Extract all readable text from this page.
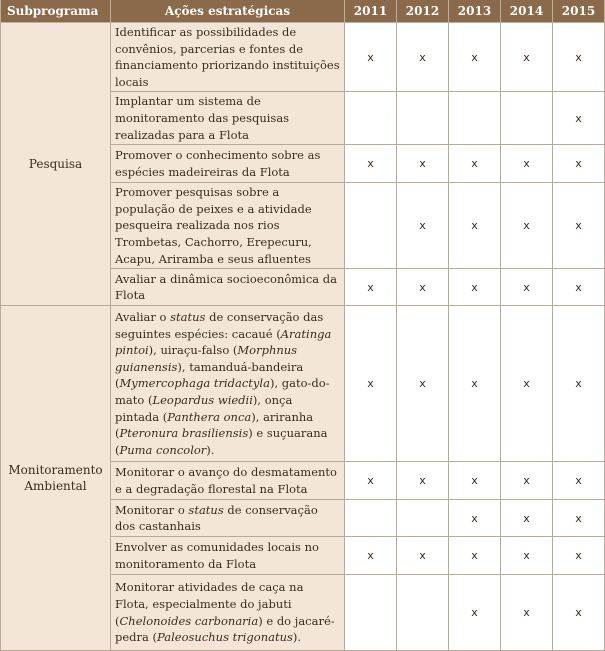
Subprograma	Ações estratégicas	2011	2012	2013	2014	2015
Pesquisa	Identificar as possibilidades de convênios, parcerias e fontes de financiamento priorizando instituições locais	x	x	x	x	x
	Implantar um sistema de monitoramento das pesquisas realizadas para a Flota					x
	Promover o conhecimento sobre as espécies madeireiras da Flota	x	x	x	x	x
	Promover pesquisas sobre a população de peixes e a atividade pesqueira realizada nos rios Trombetas, Cachorro, Erepecuru, Acapu, Ariramba e seus afluentes		x	x	x	x
	Avaliar a dinâmica socioeconômica da Flota	x	x	x	x	x
Monitoramento Ambiental	Avaliar o status de conservação das seguintes espécies: cacaué (Aratinga pintoi), uiraçu-falso (Morphnus guianensis), tamanduá-bandeira (Mymercophaga tridactyla), gato-do-mato (Leopardus wiedii), onça pintada (Panthera onca), ariranha (Pteronura brasiliensis) e suçuarana (Puma concolor).	x	x	x	x	x
	Monitorar o avanço do desmatamento e a degradação florestal na Flota	x	x	x	x	x
	Monitorar o status de conservação dos castanhais			x	x	x
	Envolver as comunidades locais no monitoramento da Flota	x	x	x	x	x
	Monitorar atividades de caça na Flota, especialmente do jabuti (Chelonoides carbonaria) e do jacaré-pedra (Paleosuchus trigonatus).			x	x	x
